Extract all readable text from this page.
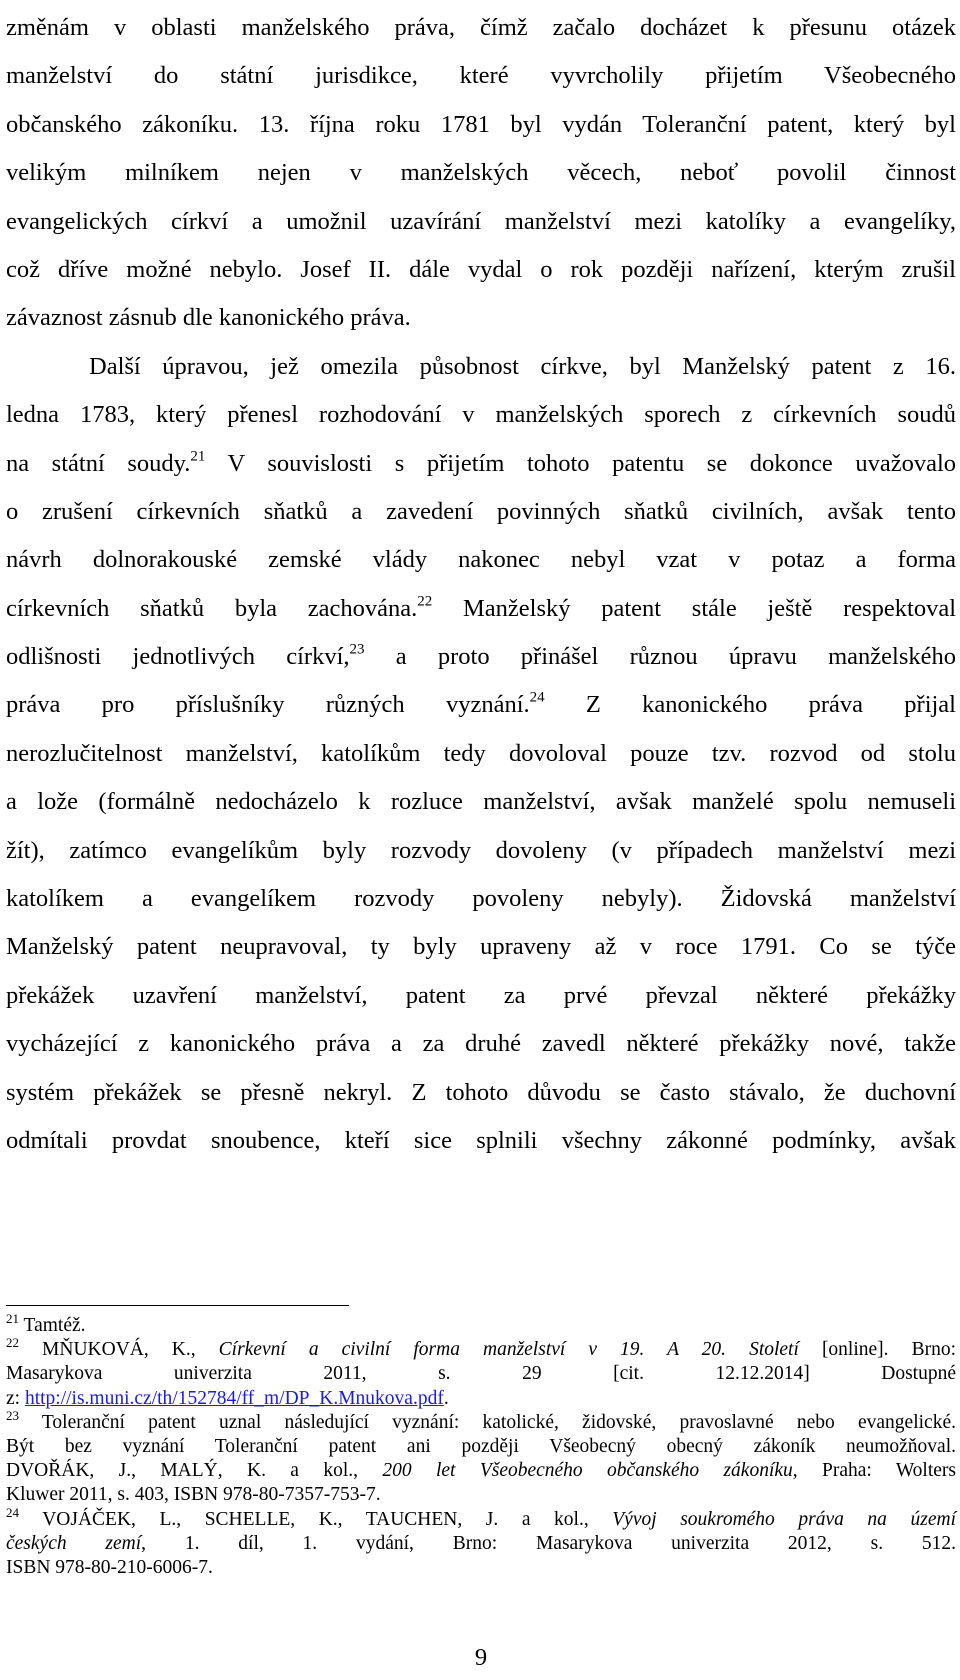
změnám v oblasti manželského práva, čímž začalo docházet k přesunu otázek
manželství do státní jurisdikce, které vyvrcholily přijetím Všeobecného
občanského zákoníku. 13. října roku 1781 byl vydán Toleranční patent, který byl
velikým milníkem nejen v manželských věcech, neboť povolil činnost
evangelických církví a umožnil uzavírání manželství mezi katolíky a evangelíky,
což dříve možné nebylo. Josef II. dále vydal o rok později nařízení, kterým zrušil
závaznost zásnub dle kanonického práva.
Další úpravou, jež omezila působnost církve, byl Manželský patent z 16.
ledna 1783, který přenesl rozhodování v manželských sporech z církevních soudů
na státní soudy.$^{21}$ V souvislosti s přijetím tohoto patentu se dokonce uvažovalo
o zrušení církevních sňatků a zavedení povinných sňatků civilních, avšak tento
návrh dolnorakouské zemské vlády nakonec nebyl vzat v potaz a forma
církevních sňatků byla zachována.$^{22}$ Manželský patent stále ještě respektoval
odlišnosti jednotlivých církví,$^{23}$ a proto přinášel různou úpravu manželského
práva pro příslušníky různých vyznání.$^{24}$ Z kanonického práva přijal
nerozlučitelnost manželství, katolíkům tedy dovoloval pouze tzv. rozvod od stolu
a lože (formálně nedocházelo k rozluce manželství, avšak manželé spolu nemuseli
žít), zatímco evangelíkům byly rozvody dovoleny (v případech manželství mezi
katolíkem a evangelíkem rozvody povoleny nebyly). Židovská manželství
Manželský patent neupravoval, ty byly upraveny až v roce 1791. Co se týče
překážek uzavření manželství, patent za prvé převzal některé překážky
vycházející z kanonického práva a za druhé zavedl některé překážky nové, takže
systém překážek se přesně nekryl. Z tohoto důvodu se často stávalo, že duchovní
odmítali provdat snoubence, kteří sice splnili všechny zákonné podmínky, avšak
$^{21}$ Tamtéž.
$^{22}$ MŇUKOVÁ, K., Církevní a civilní forma manželství v 19. A 20. Století [online]. Brno:
Masarykova univerzita 2011, s. 29 [cit. 12.12.2014] Dostupné
z: http://is.muni.cz/th/152784/ff_m/DP_K.Mnukova.pdf.
$^{23}$ Toleranční patent uznal následující vyznání: katolické, židovské, pravoslavné nebo evangelické.
Být bez vyznání Toleranční patent ani později Všeobecný obecný zákoník neumožňoval.
DVOŘÁK, J., MALÝ, K. a kol., 200 let Všeobecného občanského zákoníku, Praha: Wolters
Kluwer 2011, s. 403, ISBN 978-80-7357-753-7.
$^{24}$ VOJÁČEK, L., SCHELLE, K., TAUCHEN, J. a kol., Vývoj soukromého práva na území
českých zemí, 1. díl, 1. vydání, Brno: Masarykova univerzita 2012, s. 512.
ISBN 978-80-210-6006-7.
9
